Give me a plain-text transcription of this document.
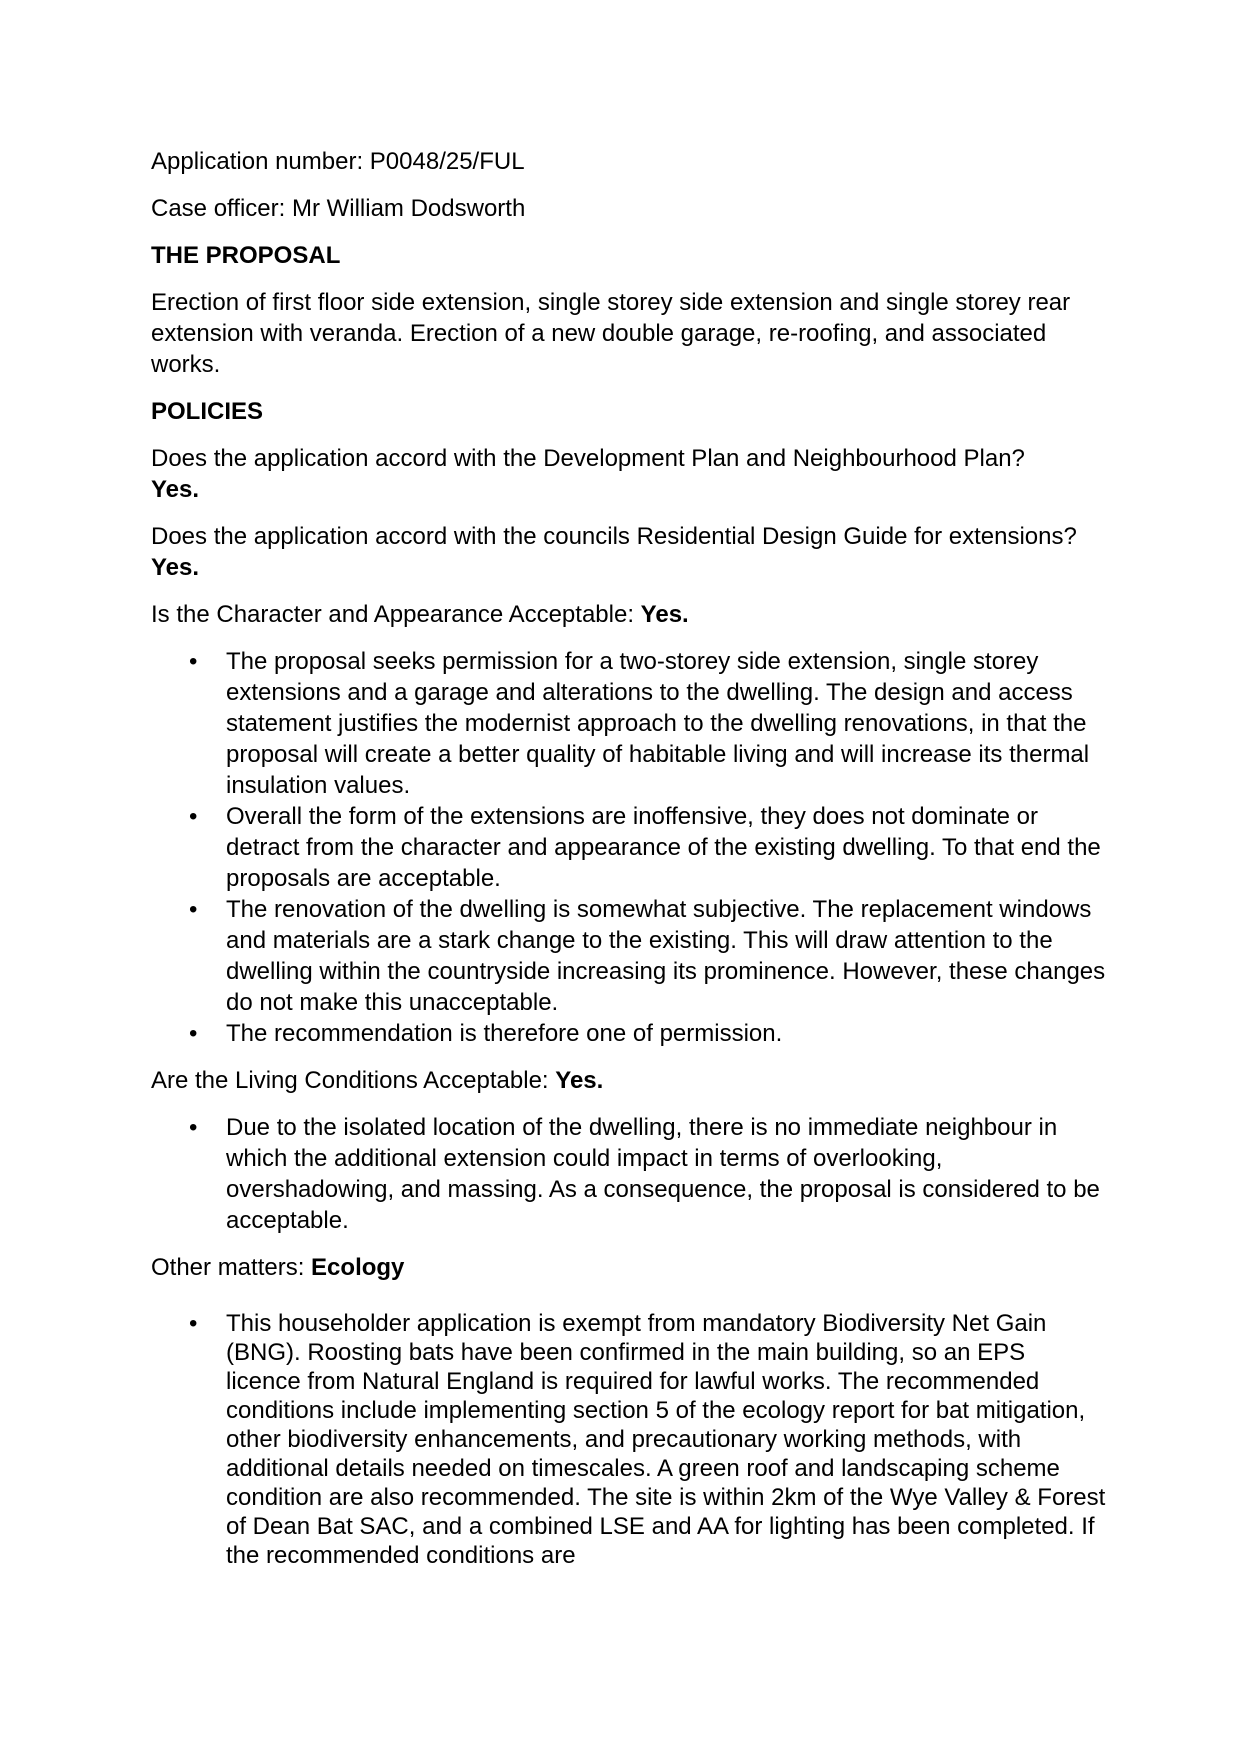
Application number: P0048/25/FUL

Case officer: Mr William Dodsworth

THE PROPOSAL

Erection of first floor side extension, single storey side extension and single storey rear extension with veranda. Erection of a new double garage, re-roofing, and associated works.

POLICIES

Does the application accord with the Development Plan and Neighbourhood Plan?
Yes.

Does the application accord with the councils Residential Design Guide for extensions? Yes.

Is the Character and Appearance Acceptable: Yes.

• The proposal seeks permission for a two-storey side extension, single storey extensions and a garage and alterations to the dwelling. The design and access statement justifies the modernist approach to the dwelling renovations, in that the proposal will create a better quality of habitable living and will increase its thermal insulation values.
• Overall the form of the extensions are inoffensive, they does not dominate or detract from the character and appearance of the existing dwelling. To that end the proposals are acceptable.
• The renovation of the dwelling is somewhat subjective. The replacement windows and materials are a stark change to the existing. This will draw attention to the dwelling within the countryside increasing its prominence. However, these changes do not make this unacceptable.
• The recommendation is therefore one of permission.

Are the Living Conditions Acceptable: Yes.

• Due to the isolated location of the dwelling, there is no immediate neighbour in which the additional extension could impact in terms of overlooking, overshadowing, and massing. As a consequence, the proposal is considered to be acceptable.

Other matters: Ecology

• This householder application is exempt from mandatory Biodiversity Net Gain (BNG). Roosting bats have been confirmed in the main building, so an EPS licence from Natural England is required for lawful works. The recommended conditions include implementing section 5 of the ecology report for bat mitigation, other biodiversity enhancements, and precautionary working methods, with additional details needed on timescales. A green roof and landscaping scheme condition are also recommended. The site is within 2km of the Wye Valley & Forest of Dean Bat SAC, and a combined LSE and AA for lighting has been completed. If the recommended conditions are
